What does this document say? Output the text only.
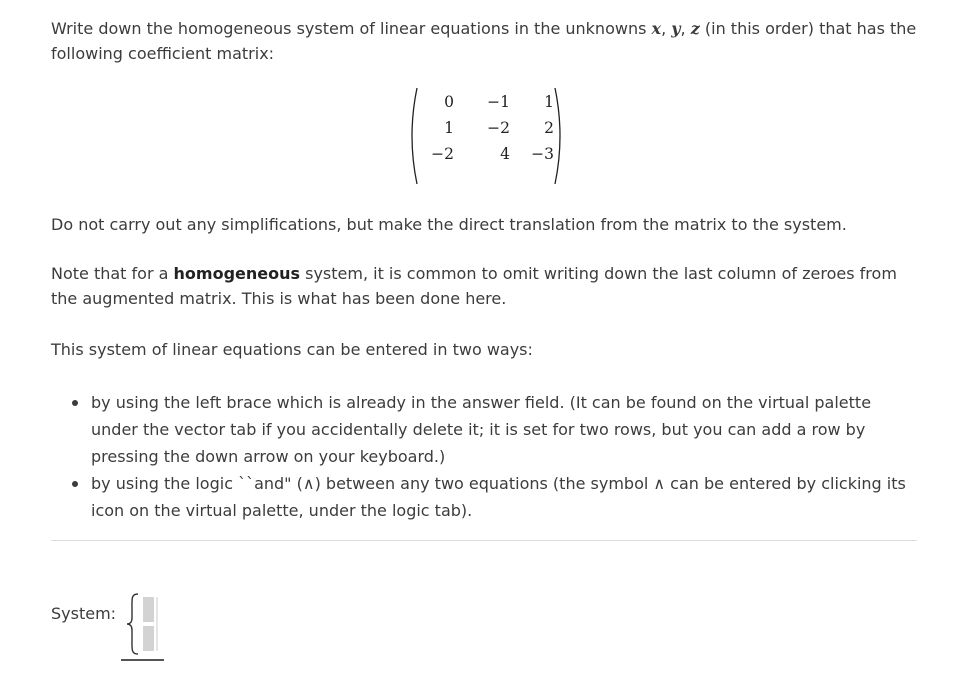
Write down the homogeneous system of linear equations in the unknowns x, y, z (in this order) that has the following coefficient matrix:

0	−1	1
1	−2	2
−2	4	−3

Do not carry out any simplifications, but make the direct translation from the matrix to the system.

Note that for a homogeneous system, it is common to omit writing down the last column of zeroes from the augmented matrix. This is what has been done here.

This system of linear equations can be entered in two ways:

by using the left brace which is already in the answer field. (It can be found on the virtual palette under the vector tab if you accidentally delete it; it is set for two rows, but you can add a row by pressing the down arrow on your keyboard.)
by using the logic ``and" (∧) between any two equations (the symbol ∧ can be entered by clicking its icon on the virtual palette, under the logic tab).
System:
